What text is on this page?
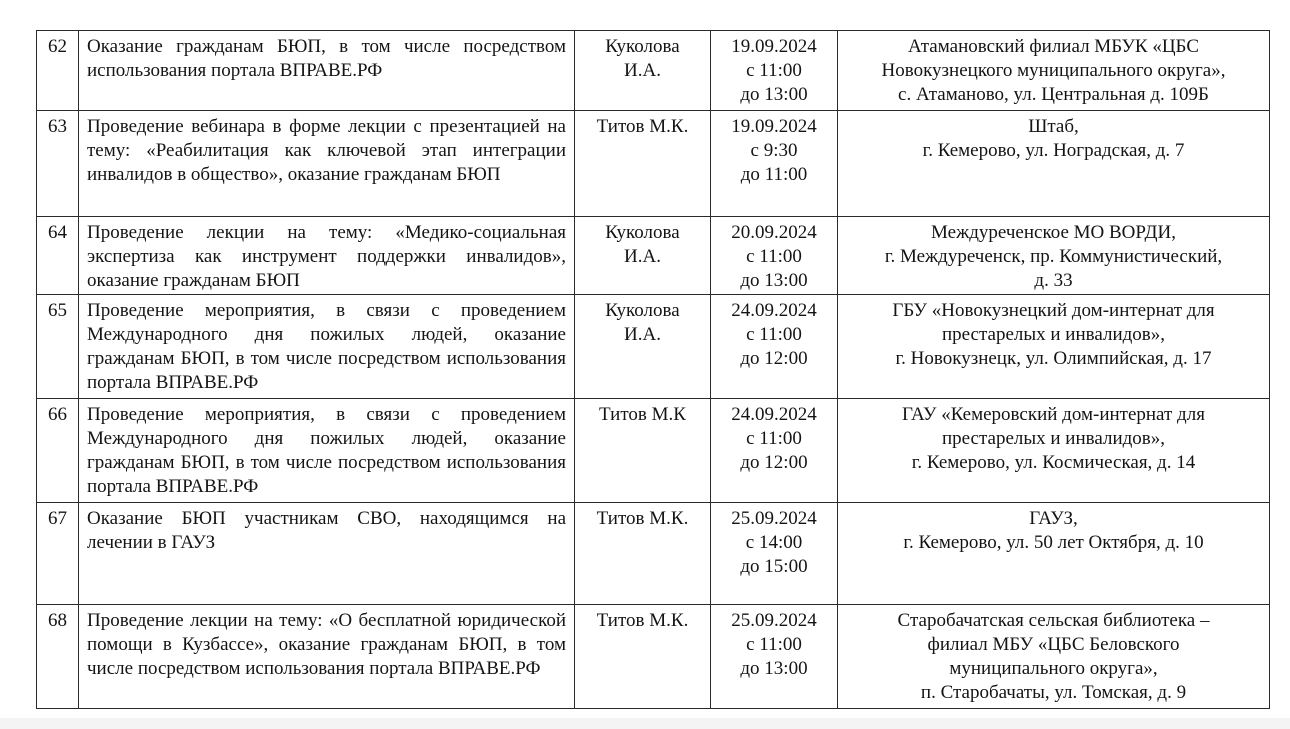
62	Оказание гражданам БЮП, в том числе посредством использования портала ВПРАВЕ.РФ	Куколова
И.А.	19.09.2024
с 11:00
до 13:00	Атамановский филиал МБУК «ЦБС
Новокузнецкого муниципального округа»,
с. Атаманово, ул. Центральная д. 109Б

63	Проведение вебинара в форме лекции с презентацией на тему: «Реабилитация как ключевой этап интеграции инвалидов в общество», оказание гражданам БЮП	Титов М.К.	19.09.2024
с 9:30
до 11:00	Штаб,
г. Кемерово, ул. Ноградская, д. 7

64	Проведение лекции на тему: «Медико-социальная экспертиза как инструмент поддержки инвалидов», оказание гражданам БЮП	Куколова
И.А.	20.09.2024
с 11:00
до 13:00	Междуреченское МО ВОРДИ,
г. Междуреченск, пр. Коммунистический,
д. 33

65	Проведение мероприятия, в связи с проведением Международного дня пожилых людей, оказание гражданам БЮП, в том числе посредством использования портала ВПРАВЕ.РФ	Куколова
И.А.	24.09.2024
с 11:00
до 12:00	ГБУ «Новокузнецкий дом-интернат для
престарелых и инвалидов»,
г. Новокузнецк, ул. Олимпийская, д. 17

66	Проведение мероприятия, в связи с проведением Международного дня пожилых людей, оказание гражданам БЮП, в том числе посредством использования портала ВПРАВЕ.РФ	Титов М.К	24.09.2024
с 11:00
до 12:00	ГАУ «Кемеровский дом-интернат для
престарелых и инвалидов»,
г. Кемерово, ул. Космическая, д. 14

67	Оказание БЮП участникам СВО, находящимся на лечении в ГАУЗ	Титов М.К.	25.09.2024
с 14:00
до 15:00	ГАУЗ,
г. Кемерово, ул. 50 лет Октября, д. 10

68	Проведение лекции на тему: «О бесплатной юридической помощи в Кузбассе», оказание гражданам БЮП, в том числе посредством использования портала ВПРАВЕ.РФ	Титов М.К.	25.09.2024
с 11:00
до 13:00	Старобачатская сельская библиотека –
филиал МБУ «ЦБС Беловского
муниципального округа»,
п. Старобачаты, ул. Томская, д. 9
